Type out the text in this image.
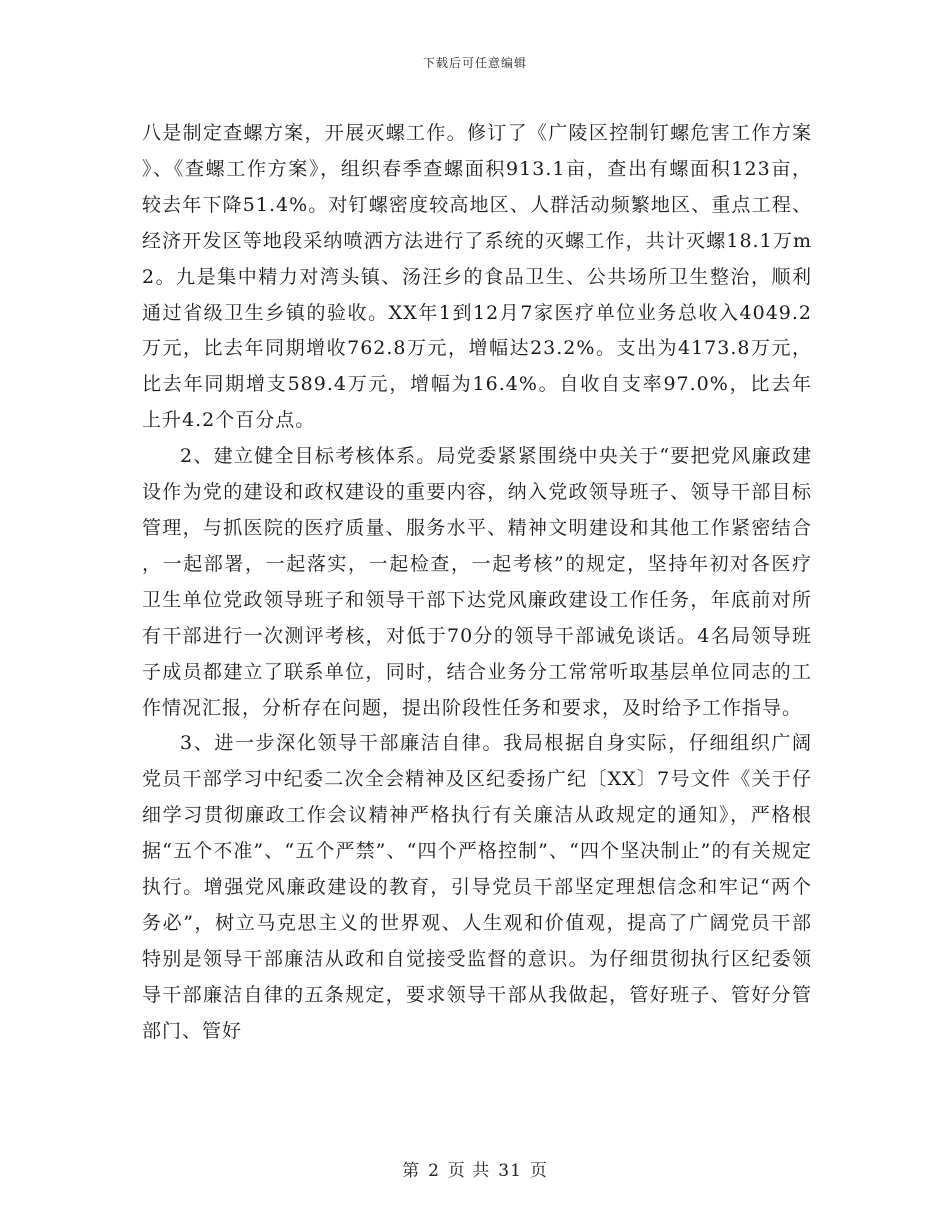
下载后可任意编辑

八是制定查螺方案，开展灭螺工作。修订了《广陵区控制钉螺危害工作方案》、《查螺工作方案》，组织春季查螺面积913.1亩，查出有螺面积123亩，较去年下降51.4%。对钉螺密度较高地区、人群活动频繁地区、重点工程、经济开发区等地段采纳喷洒方法进行了系统的灭螺工作，共计灭螺18.1万m2。九是集中精力对湾头镇、汤汪乡的食品卫生、公共场所卫生整治，顺利通过省级卫生乡镇的验收。XX年1到12月7家医疗单位业务总收入4049.2万元，比去年同期增收762.8万元，增幅达23.2%。支出为4173.8万元，比去年同期增支589.4万元，增幅为16.4%。自收自支率97.0%，比去年上升4.2个百分点。

2、建立健全目标考核体系。局党委紧紧围绕中央关于“要把党风廉政建设作为党的建设和政权建设的重要内容，纳入党政领导班子、领导干部目标管理，与抓医院的医疗质量、服务水平、精神文明建设和其他工作紧密结合，一起部署，一起落实，一起检查，一起考核”的规定，坚持年初对各医疗卫生单位党政领导班子和领导干部下达党风廉政建设工作任务，年底前对所有干部进行一次测评考核，对低于70分的领导干部诫免谈话。4名局领导班子成员都建立了联系单位，同时，结合业务分工常常听取基层单位同志的工作情况汇报，分析存在问题，提出阶段性任务和要求，及时给予工作指导。

3、进一步深化领导干部廉洁自律。我局根据自身实际，仔细组织广阔党员干部学习中纪委二次全会精神及区纪委扬广纪〔XX〕7号文件《关于仔细学习贯彻廉政工作会议精神严格执行有关廉洁从政规定的通知》，严格根据“五个不准”、“五个严禁”、“四个严格控制”、“四个坚决制止”的有关规定执行。增强党风廉政建设的教育，引导党员干部坚定理想信念和牢记“两个务必”，树立马克思主义的世界观、人生观和价值观，提高了广阔党员干部特别是领导干部廉洁从政和自觉接受监督的意识。为仔细贯彻执行区纪委领导干部廉洁自律的五条规定，要求领导干部从我做起，管好班子、管好分管部门、管好

第 2 页 共 31 页
